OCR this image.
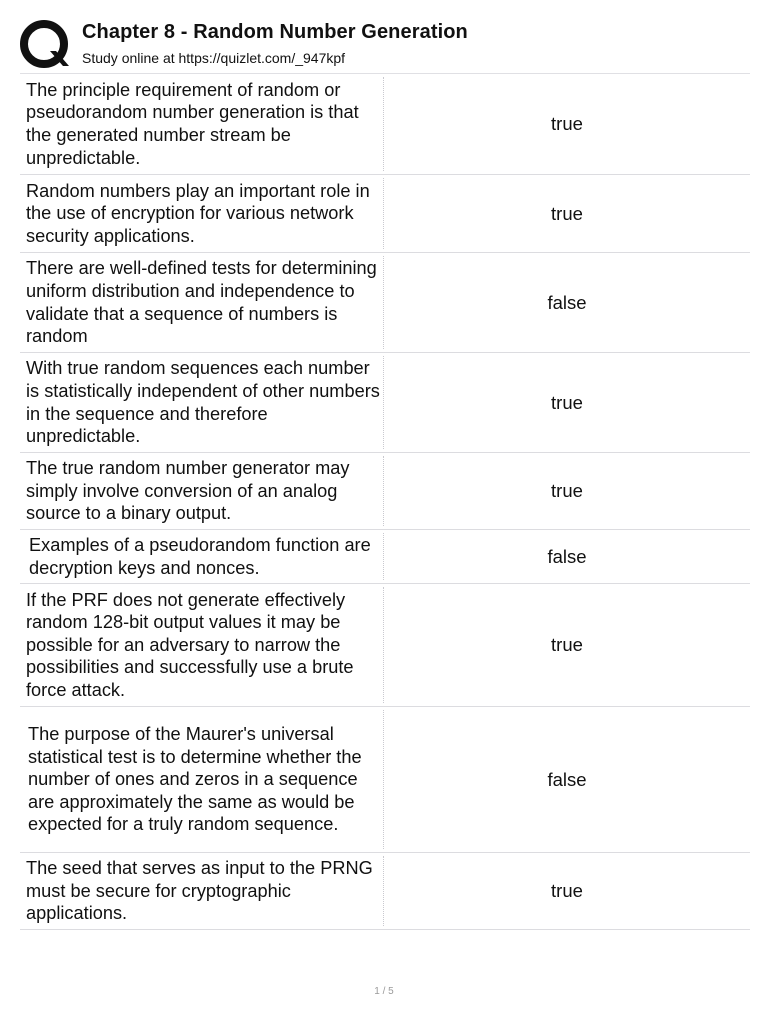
Chapter 8 - Random Number Generation
Study online at https://quizlet.com/_947kpf
The principle requirement of random or pseudorandom number generation is that the generated number stream be unpredictable.
true
Random numbers play an important role in the use of encryption for various network security applications.
true
There are well-defined tests for determining uniform distribution and independence to validate that a sequence of numbers is random
false
With true random sequences each number is statistically independent of other numbers in the sequence and therefore unpredictable.
true
The true random number generator may simply involve conversion of an analog source to a binary output.
true
Examples of a pseudorandom function are decryption keys and nonces.
false
If the PRF does not generate effectively random 128-bit output values it may be possible for an adversary to narrow the possibilities and successfully use a brute force attack.
true
The purpose of the Maurer's universal statistical test is to determine whether the number of ones and zeros in a sequence are approximately the same as would be expected for a truly random sequence.
false
The seed that serves as input to the PRNG must be secure for cryptographic applications.
true
1 / 5
